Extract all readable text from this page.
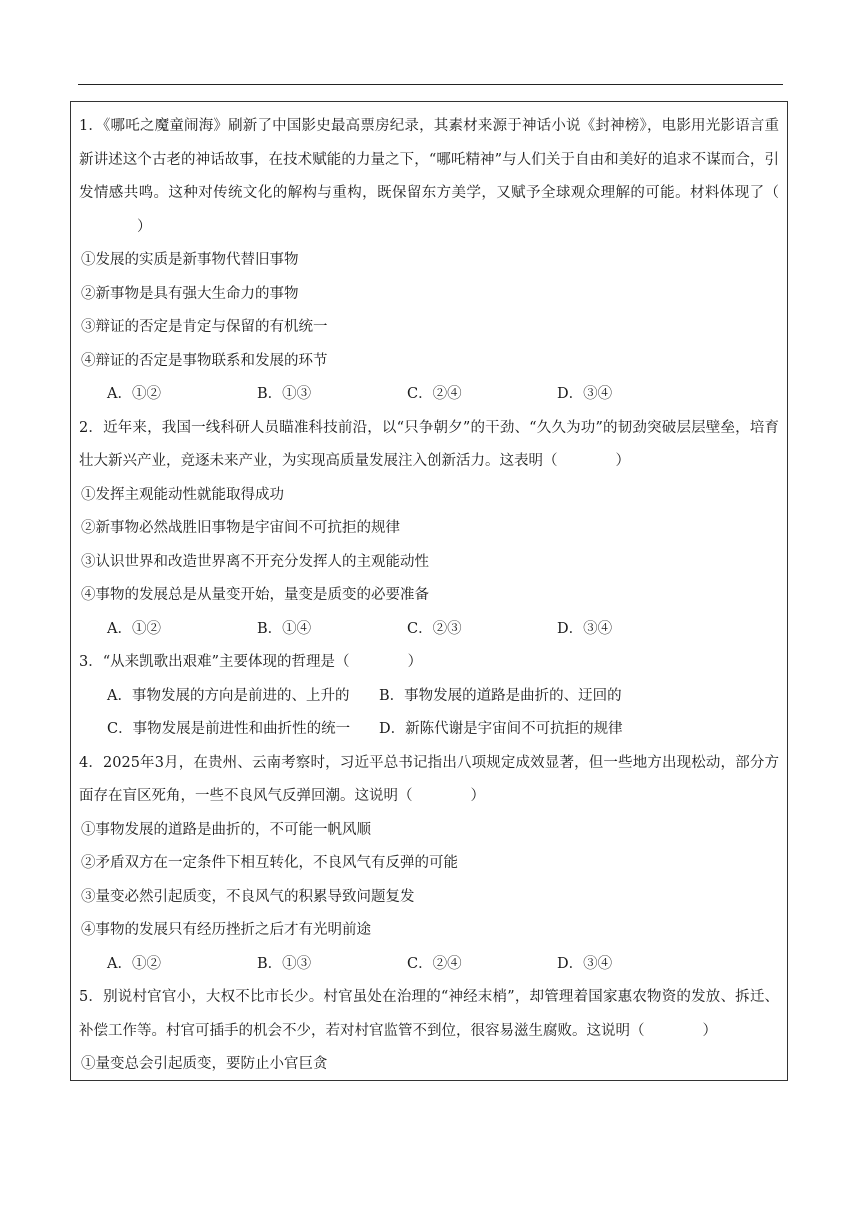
1．《哪吒之魔童闹海》刷新了中国影史最高票房纪录，其素材来源于神话小说《封神榜》，电影用光影语言重新讲述这个古老的神话故事，在技术赋能的力量之下，“哪吒精神”与人们关于自由和美好的追求不谋而合，引发情感共鸣。这种对传统文化的解构与重构，既保留东方美学，又赋予全球观众理解的可能。材料体现了（）

①发展的实质是新事物代替旧事物

②新事物是具有强大生命力的事物

③辩证的否定是肯定与保留的有机统一

④辩证的否定是事物联系和发展的环节

A．①②	B．①③	C．②④	D．③④

2．近年来，我国一线科研人员瞄准科技前沿，以“只争朝夕”的干劲、“久久为功”的韧劲突破层层壁垒，培育壮大新兴产业，竞逐未来产业，为实现高质量发展注入创新活力。这表明（	）

①发挥主观能动性就能取得成功

②新事物必然战胜旧事物是宇宙间不可抗拒的规律

③认识世界和改造世界离不开充分发挥人的主观能动性

④事物的发展总是从量变开始，量变是质变的必要准备

A．①②	B．①④	C．②③	D．③④

3．“从来凯歌出艰难”主要体现的哲理是（	）

A．事物发展的方向是前进的、上升的	B．事物发展的道路是曲折的、迂回的
C．事物发展是前进性和曲折性的统一	D．新陈代谢是宇宙间不可抗拒的规律

4．2025年3月，在贵州、云南考察时，习近平总书记指出八项规定成效显著，但一些地方出现松动，部分方面存在盲区死角，一些不良风气反弹回潮。这说明（	）

①事物发展的道路是曲折的，不可能一帆风顺

②矛盾双方在一定条件下相互转化，不良风气有反弹的可能

③量变必然引起质变，不良风气的积累导致问题复发

④事物的发展只有经历挫折之后才有光明前途

A．①②	B．①③	C．②④	D．③④

5．别说村官官小，大权不比市长少。村官虽处在治理的“神经末梢”，却管理着国家惠农物资的发放、拆迁、补偿工作等。村官可插手的机会不少，若对村官监管不到位，很容易滋生腐败。这说明（	）

①量变总会引起质变，要防止小官巨贪
